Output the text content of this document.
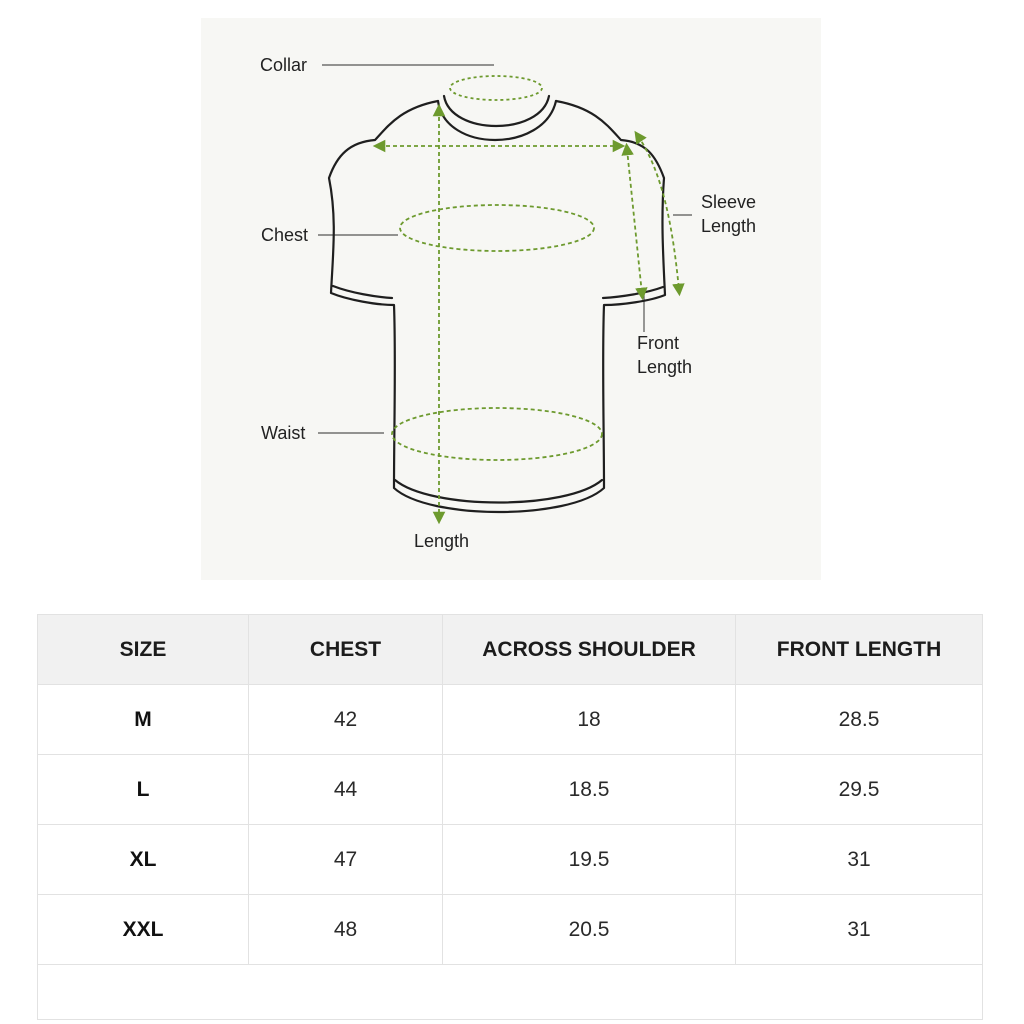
Collar
Chest
Waist
Length
Sleeve
Length
Front
Length
SIZE	CHEST	ACROSS SHOULDER	FRONT LENGTH
M	42	18	28.5
L	44	18.5	29.5
XL	47	19.5	31
XXL	48	20.5	31
